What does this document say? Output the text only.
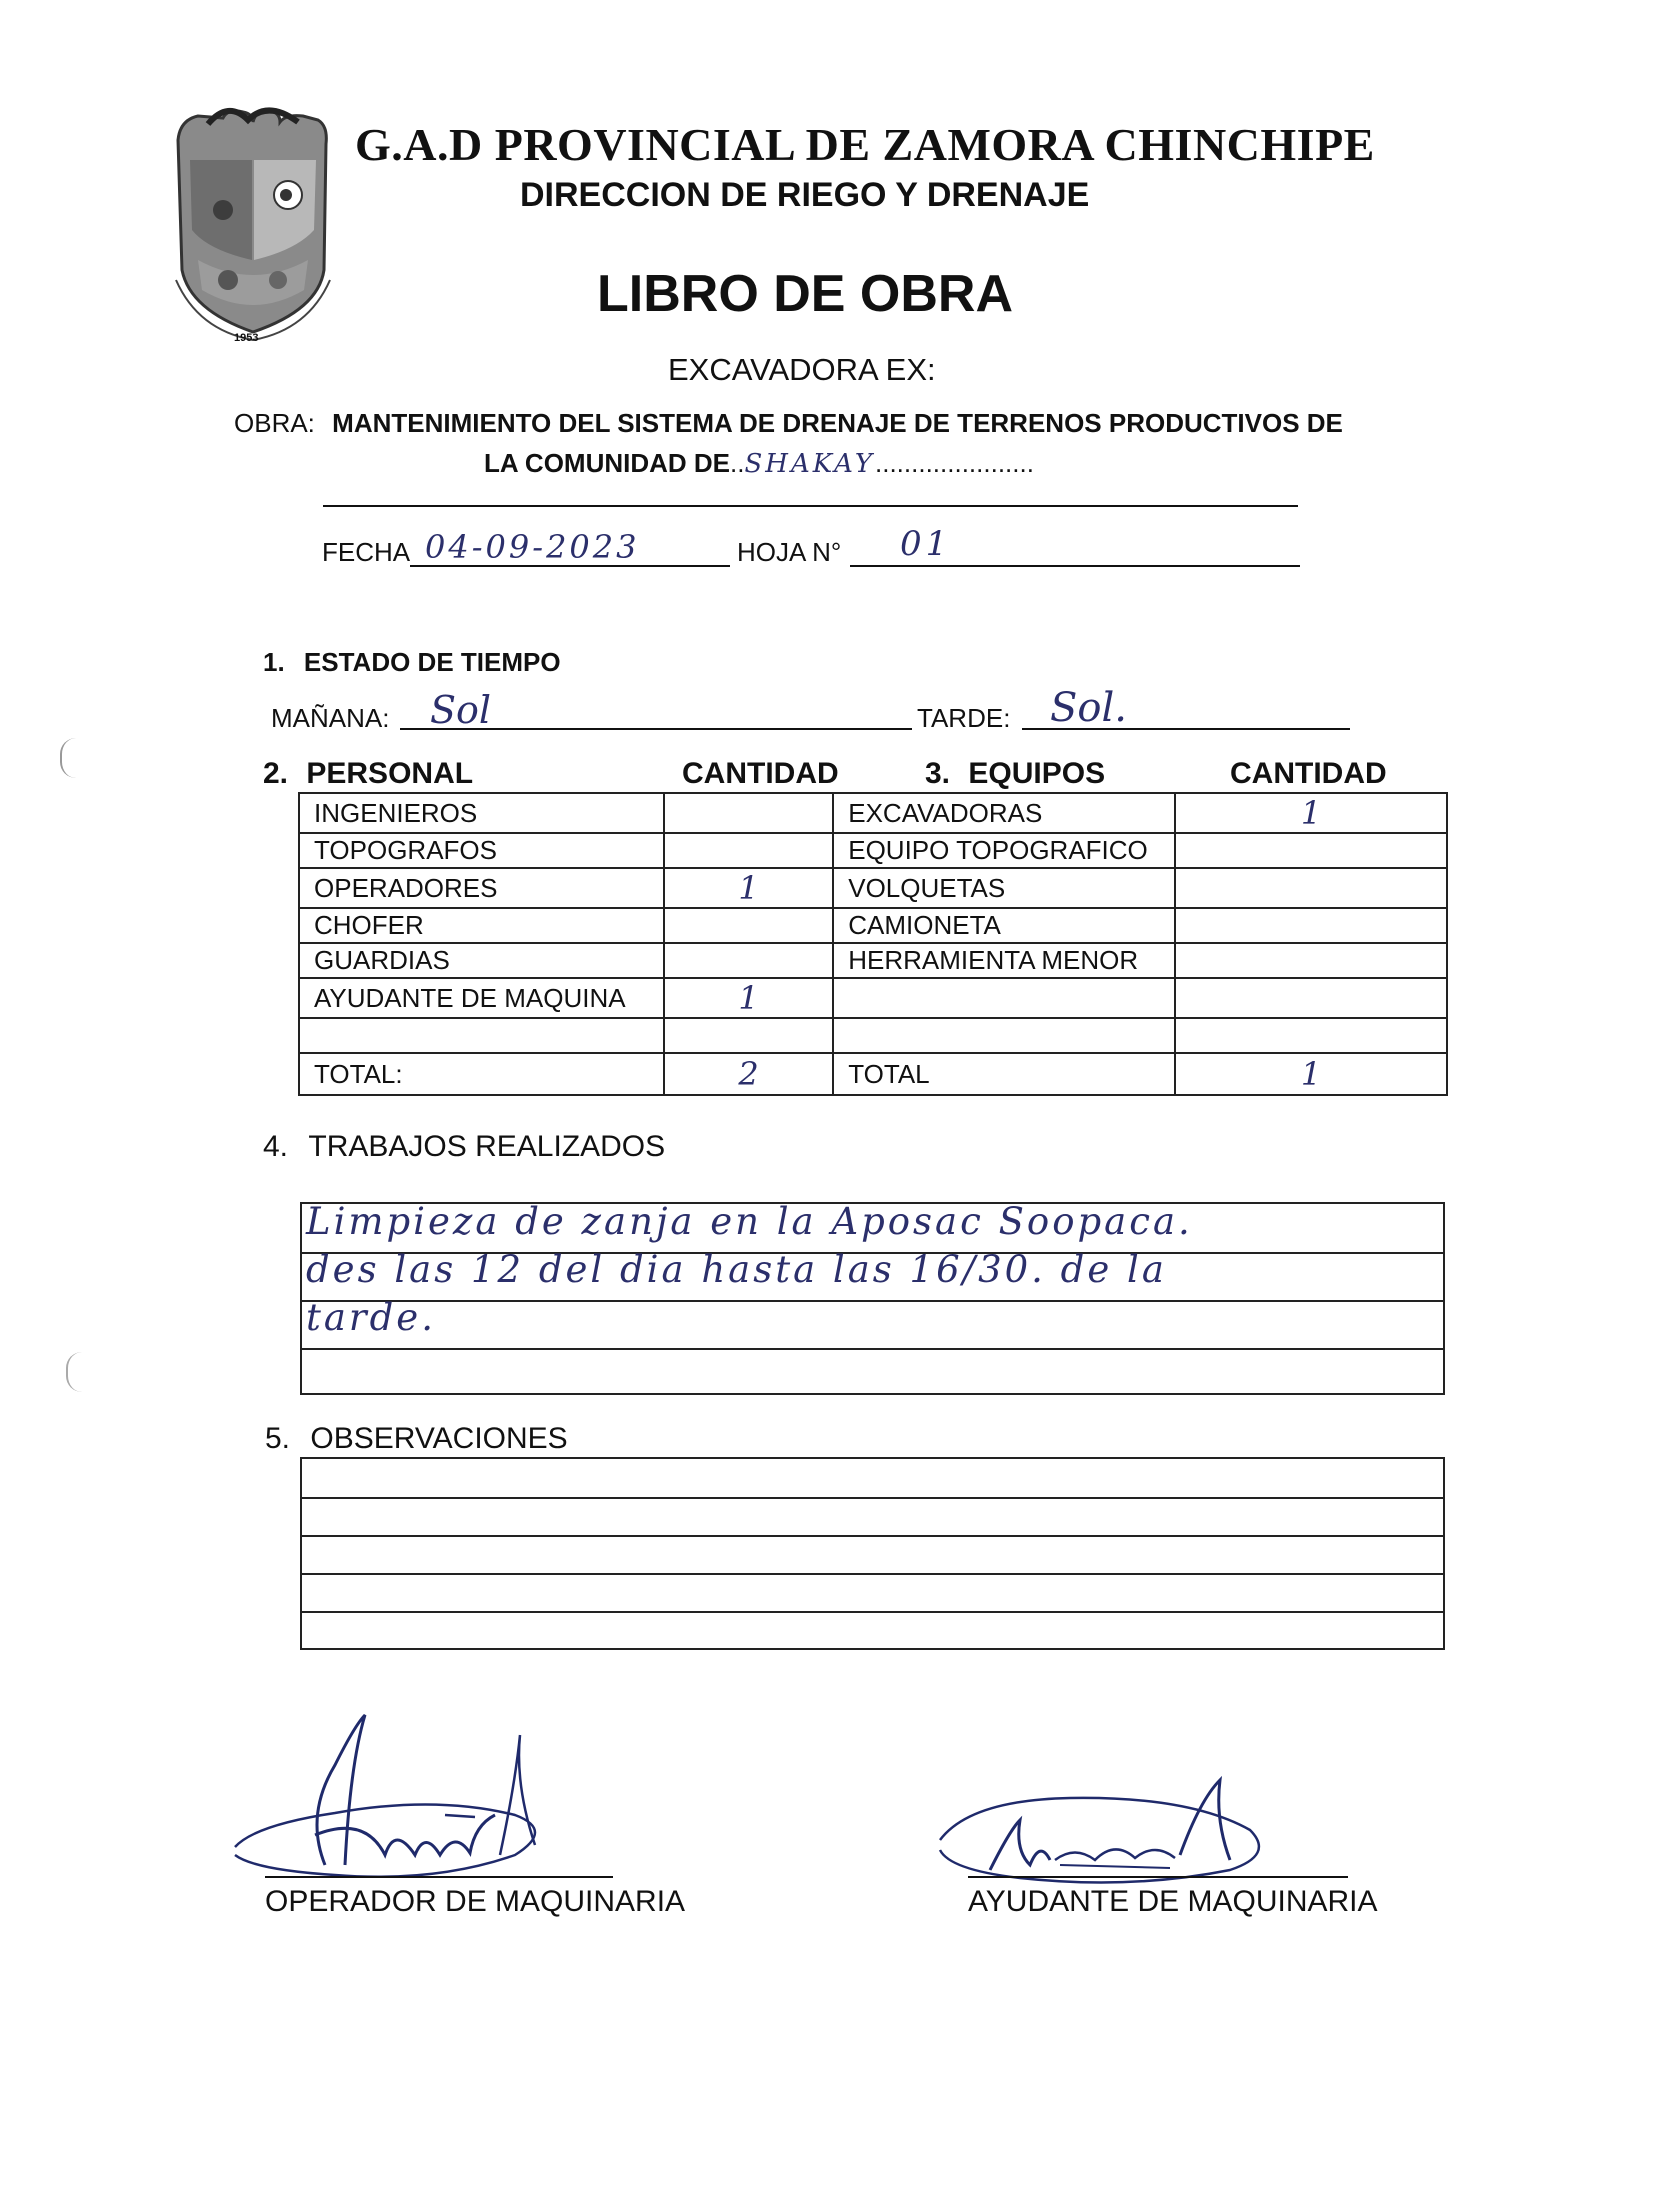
1953
G.A.D PROVINCIAL DE ZAMORA CHINCHIPE
DIRECCION DE RIEGO Y DRENAJE
LIBRO DE OBRA
EXCAVADORA EX:
OBRA: MANTENIMIENTO DEL SISTEMA DE DRENAJE DE TERRENOS PRODUCTIVOS DE
LA COMUNIDAD DE..SHAKAY......................
FECHA 04-09-2023	HOJA N° 01
1. ESTADO DE TIEMPO
MAÑANA: Sol	TARDE: Sol.
2. PERSONAL	CANTIDAD	3. EQUIPOS	CANTIDAD
INGENIEROS		EXCAVADORAS	1
TOPOGRAFOS		EQUIPO TOPOGRAFICO	
OPERADORES	1	VOLQUETAS	
CHOFER		CAMIONETA	
GUARDIAS		HERRAMIENTA MENOR	
AYUDANTE DE MAQUINA	1		

TOTAL:	2	TOTAL	1
4. TRABAJOS REALIZADOS
Limpieza de zanja en la Aposac Soopaca.
des las 12 del dia hasta las 16/30. de la
tarde.
5. OBSERVACIONES
OPERADOR DE MAQUINARIA	AYUDANTE DE MAQUINARIA
